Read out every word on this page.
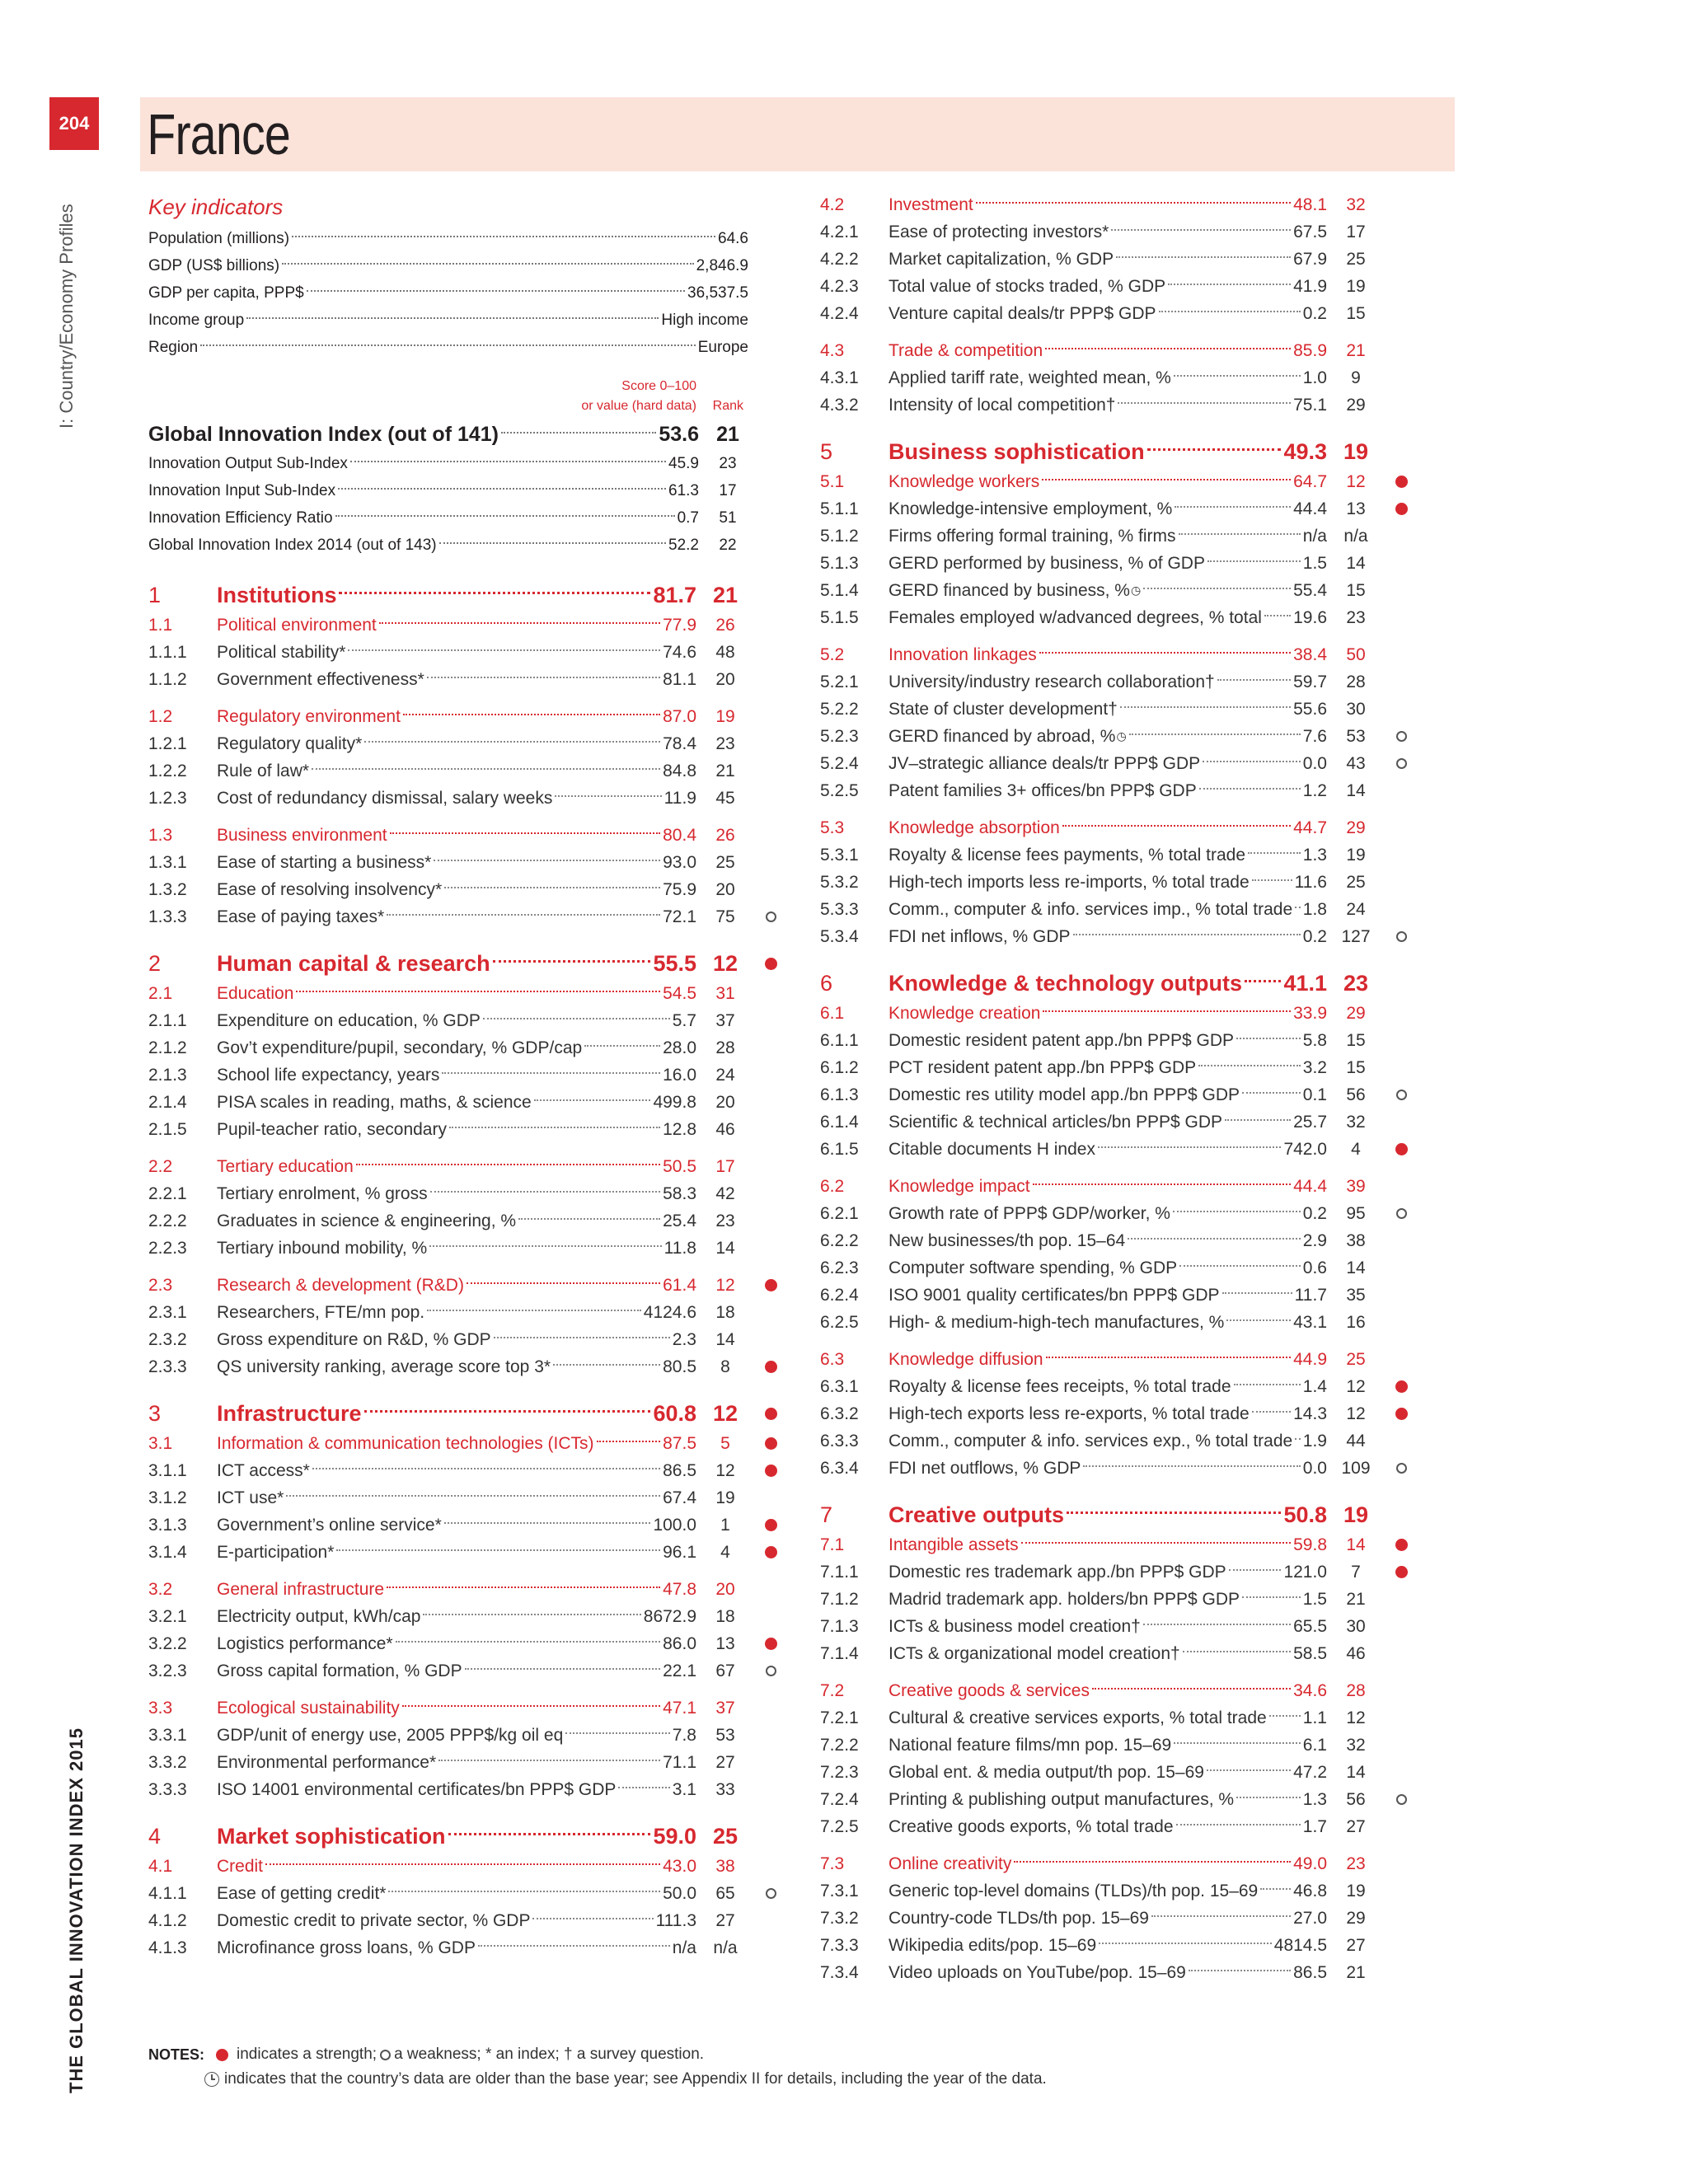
204 France
I: Country/Economy Profiles
THE GLOBAL INNOVATION INDEX 2015
Key indicators
Population (millions)	64.6
GDP (US$ billions)	2,846.9
GDP per capita, PPP$	36,537.5
Income group	High income
Region	Europe
Score 0–100
or value (hard data) Rank
Global Innovation Index (out of 141)	53.6 21
Innovation Output Sub-Index	45.9	23
Innovation Input Sub-Index	61.3	17
Innovation Efficiency Ratio	0.7	51
Global Innovation Index 2014 (out of 143)	52.2	22
1	Institutions	81.7 21
1.1	Political environment	77.9	26
1.1.1	Political stability*	74.6	48
1.1.2	Government effectiveness*	81.1	20
1.2	Regulatory environment	87.0	19
1.2.1	Regulatory quality*	78.4	23
1.2.2	Rule of law*	84.8	21
1.2.3	Cost of redundancy dismissal, salary weeks	11.9	45
1.3	Business environment	80.4	26
1.3.1	Ease of starting a business*	93.0	25
1.3.2	Ease of resolving insolvency*	75.9	20
1.3.3	Ease of paying taxes*	72.1	75
2	Human capital & research	55.5 12
2.1	Education	54.5	31
2.1.1	Expenditure on education, % GDP	5.7	37
2.1.2	Gov’t expenditure/pupil, secondary, % GDP/cap	28.0	28
2.1.3	School life expectancy, years	16.0	24
2.1.4	PISA scales in reading, maths, & science	499.8	20
2.1.5	Pupil-teacher ratio, secondary	12.8	46
2.2	Tertiary education	50.5	17
2.2.1	Tertiary enrolment, % gross	58.3	42
2.2.2	Graduates in science & engineering, %	25.4	23
2.2.3	Tertiary inbound mobility, %	11.8	14
2.3	Research & development (R&D)	61.4	12
2.3.1	Researchers, FTE/mn pop.	4124.6	18
2.3.2	Gross expenditure on R&D, % GDP	2.3	14
2.3.3	QS university ranking, average score top 3*	80.5	8
3	Infrastructure	60.8 12
3.1	Information & communication technologies (ICTs)	87.5	5
3.1.1	ICT access*	86.5	12
3.1.2	ICT use*	67.4	19
3.1.3	Government’s online service*	100.0	1
3.1.4	E-participation*	96.1	4
3.2	General infrastructure	47.8	20
3.2.1	Electricity output, kWh/cap	8672.9	18
3.2.2	Logistics performance*	86.0	13
3.2.3	Gross capital formation, % GDP	22.1	67
3.3	Ecological sustainability	47.1	37
3.3.1	GDP/unit of energy use, 2005 PPP$/kg oil eq	7.8	53
3.3.2	Environmental performance*	71.1	27
3.3.3	ISO 14001 environmental certificates/bn PPP$ GDP	3.1	33
4	Market sophistication	59.0 25
4.1	Credit	43.0	38
4.1.1	Ease of getting credit*	50.0	65
4.1.2	Domestic credit to private sector, % GDP	111.3	27
4.1.3	Microfinance gross loans, % GDP	n/a n/a
4.2	Investment	48.1	32
4.2.1	Ease of protecting investors*	67.5	17
4.2.2	Market capitalization, % GDP	67.9	25
4.2.3	Total value of stocks traded, % GDP	41.9	19
4.2.4	Venture capital deals/tr PPP$ GDP	0.2	15
4.3	Trade & competition	85.9	21
4.3.1	Applied tariff rate, weighted mean, %	1.0	9
4.3.2	Intensity of local competition†	75.1	29
5	Business sophistication	49.3 19
5.1	Knowledge workers	64.7	12
5.1.1	Knowledge-intensive employment, %	44.4	13
5.1.2	Firms offering formal training, % firms	n/a n/a
5.1.3	GERD performed by business, % of GDP	1.5	14
5.1.4	GERD financed by business, % ◷	55.4	15
5.1.5	Females employed w/advanced degrees, % total 19.6	23
5.2	Innovation linkages	38.4	50
5.2.1	University/industry research collaboration†	59.7	28
5.2.2	State of cluster development†	55.6	30
5.2.3	GERD financed by abroad, % ◷	7.6	53
5.2.4	JV–strategic alliance deals/tr PPP$ GDP	0.0	43
5.2.5	Patent families 3+ offices/bn PPP$ GDP	1.2	14
5.3	Knowledge absorption	44.7	29
5.3.1	Royalty & license fees payments, % total trade	1.3	19
5.3.2	High-tech imports less re-imports, % total trade	11.6	25
5.3.3	Comm., computer & info. services imp., % total trade 1.8	24
5.3.4	FDI net inflows, % GDP	0.2 127
6	Knowledge & technology outputs 41.1 23
6.1	Knowledge creation	33.9	29
6.1.1	Domestic resident patent app./bn PPP$ GDP	5.8	15
6.1.2	PCT resident patent app./bn PPP$ GDP	3.2	15
6.1.3	Domestic res utility model app./bn PPP$ GDP	0.1	56
6.1.4	Scientific & technical articles/bn PPP$ GDP	25.7	32
6.1.5	Citable documents H index	742.0	4
6.2	Knowledge impact	44.4	39
6.2.1	Growth rate of PPP$ GDP/worker, %	0.2	95
6.2.2	New businesses/th pop. 15–64	2.9	38
6.2.3	Computer software spending, % GDP	0.6	14
6.2.4	ISO 9001 quality certificates/bn PPP$ GDP	11.7	35
6.2.5	High- & medium-high-tech manufactures, %	43.1	16
6.3	Knowledge diffusion	44.9	25
6.3.1	Royalty & license fees receipts, % total trade	1.4	12
6.3.2	High-tech exports less re-exports, % total trade	14.3	12
6.3.3	Comm., computer & info. services exp., % total trade 1.9	44
6.3.4	FDI net outflows, % GDP	0.0 109
7	Creative outputs	50.8 19
7.1	Intangible assets	59.8	14
7.1.1	Domestic res trademark app./bn PPP$ GDP	121.0	7
7.1.2	Madrid trademark app. holders/bn PPP$ GDP	1.5	21
7.1.3	ICTs & business model creation†	65.5	30
7.1.4	ICTs & organizational model creation†	58.5	46
7.2	Creative goods & services	34.6	28
7.2.1	Cultural & creative services exports, % total trade 1.1	12
7.2.2	National feature films/mn pop. 15–69	6.1	32
7.2.3	Global ent. & media output/th pop. 15–69	47.2	14
7.2.4	Printing & publishing output manufactures, %	1.3	56
7.2.5	Creative goods exports, % total trade	1.7	27
7.3	Online creativity	49.0	23
7.3.1	Generic top-level domains (TLDs)/th pop. 15–69 46.8	19
7.3.2	Country-code TLDs/th pop. 15–69	27.0	29
7.3.3	Wikipedia edits/pop. 15–69	4814.5	27
7.3.4	Video uploads on YouTube/pop. 15–69	86.5	21
NOTES: indicates a strength; a weakness; * an index; † a survey question.
indicates that the country’s data are older than the base year; see Appendix II for details, including the year of the data.
